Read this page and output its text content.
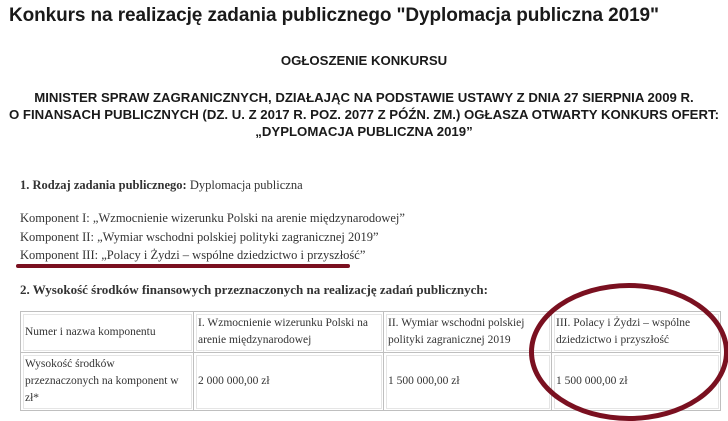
Konkurs na realizację zadania publicznego "Dyplomacja publiczna 2019"
OGŁOSZENIE KONKURSU
MINISTER SPRAW ZAGRANICZNYCH, DZIAŁAJĄC NA PODSTAWIE USTAWY Z DNIA 27 SIERPNIA 2009 R.
O FINANSACH PUBLICZNYCH (DZ. U. Z 2017 R. POZ. 2077 Z PÓŹN. ZM.) OGŁASZA OTWARTY KONKURS OFERT:
„DYPLOMACJA PUBLICZNA 2019”
1. Rodzaj zadania publicznego: Dyplomacja publiczna
Komponent I: „Wzmocnienie wizerunku Polski na arenie międzynarodowej”
Komponent II: „Wymiar wschodni polskiej polityki zagranicznej 2019”
Komponent III: „Polacy i Żydzi – wspólne dziedzictwo i przyszłość”
2. Wysokość środków finansowych przeznaczonych na realizację zadań publicznych:
Numer i nazwa komponentu	I. Wzmocnienie wizerunku Polski na arenie międzynarodowej	II. Wymiar wschodni polskiej polityki zagranicznej 2019	III. Polacy i Żydzi – wspólne dziedzictwo i przyszłość
Wysokość środków przeznaczonych na komponent w zł*	2 000 000,00 zł	1 500 000,00 zł	1 500 000,00 zł
